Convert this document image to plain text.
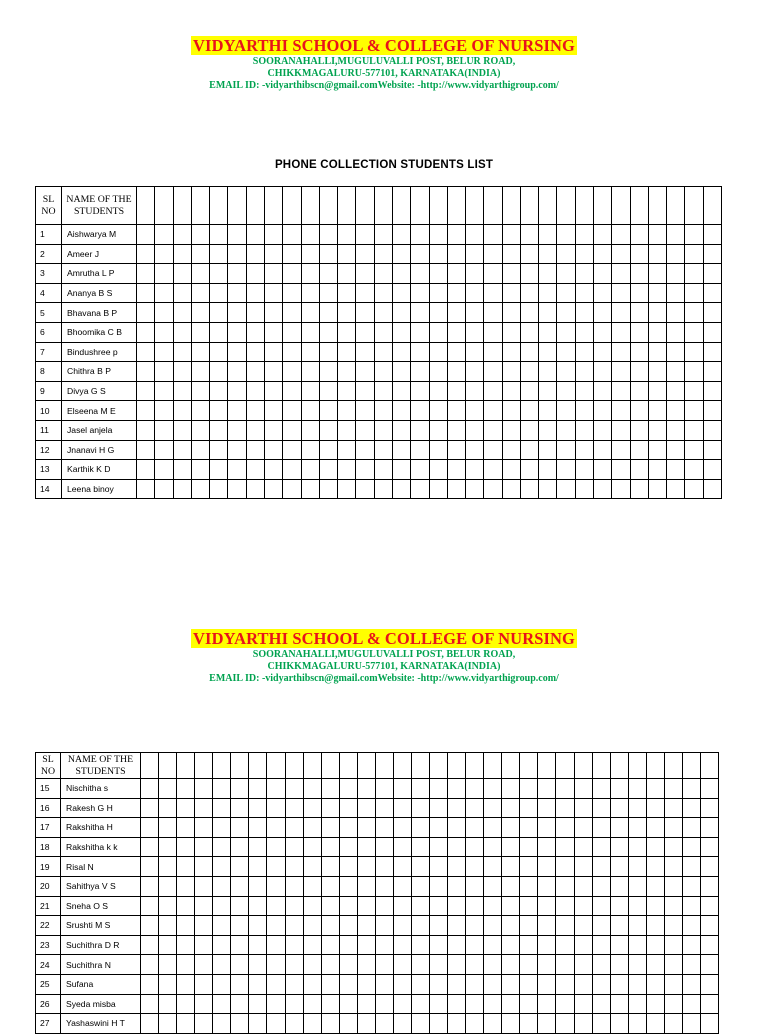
VIDYARTHI SCHOOL & COLLEGE OF NURSING
SOORANAHALLI,MUGULUVALLI POST, BELUR ROAD,
CHIKKMAGALURU-577101, KARNATAKA(INDIA)
EMAIL ID: -vidyarthibscn@gmail.comWebsite: -http://www.vidyarthigroup.com/
PHONE COLLECTION STUDENTS LIST
SL NO	NAME OF THE STUDENTS																																
1	Aishwarya M																																
2	Ameer J																																
3	Amrutha L P																																
4	Ananya B S																																
5	Bhavana B P																																
6	Bhoomika C B																																
7	Bindushree p																																
8	Chithra B P																																
9	Divya G S																																
10	Elseena M E																																
11	Jasel anjela																																
12	Jnanavi H G																																
13	Karthik K D																																
14	Leena binoy																																
VIDYARTHI SCHOOL & COLLEGE OF NURSING
SOORANAHALLI,MUGULUVALLI POST, BELUR ROAD,
CHIKKMAGALURU-577101, KARNATAKA(INDIA)
EMAIL ID: -vidyarthibscn@gmail.comWebsite: -http://www.vidyarthigroup.com/
SL NO	NAME OF THE STUDENTS																																
15	Nischitha s																																
16	Rakesh G H																																
17	Rakshitha H																																
18	Rakshitha k k																																
19	Risal N																																
20	Sahithya V S																																
21	Sneha O S																																
22	Srushti M S																																
23	Suchithra D R																																
24	Suchithra N																																
25	Sufana																																
26	Syeda misba																																
27	Yashaswini H T																																
